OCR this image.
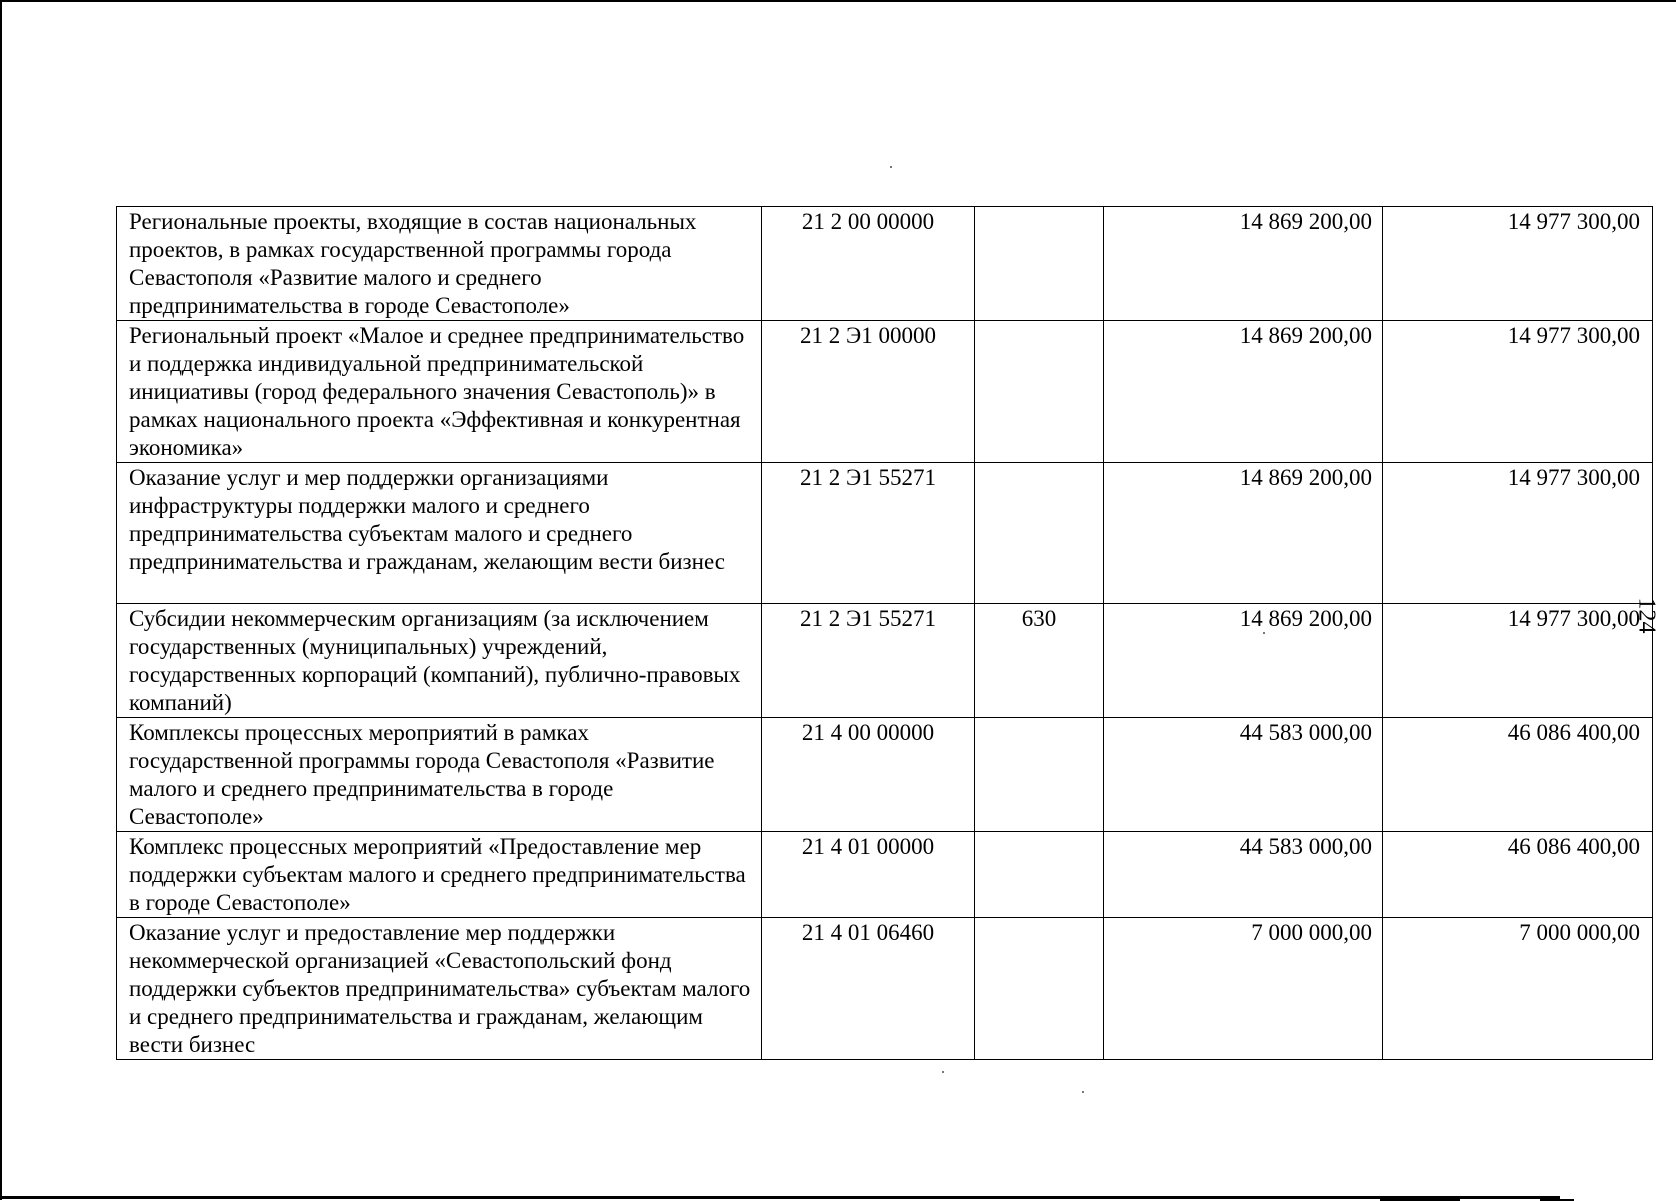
Региональные проекты, входящие в состав национальных проектов, в рамках государственной программы города Севастополя «Развитие малого и среднего предпринимательства в городе Севастополе»	21 2 00 00000		14 869 200,00	14 977 300,00
Региональный проект «Малое и среднее предпринимательство и поддержка индивидуальной предпринимательской инициативы (город федерального значения Севастополь)» в рамках национального проекта «Эффективная и конкурентная экономика»	21 2 Э1 00000		14 869 200,00	14 977 300,00
Оказание услуг и мер поддержки организациями инфраструктуры поддержки малого и среднего предпринимательства субъектам малого и среднего предпринимательства и гражданам, желающим вести бизнес	21 2 Э1 55271		14 869 200,00	14 977 300,00
Субсидии некоммерческим организациям (за исключением государственных (муниципальных) учреждений, государственных корпораций (компаний), публично-правовых компаний)	21 2 Э1 55271	630	14 869 200,00	14 977 300,00
Комплексы процессных мероприятий в рамках государственной программы города Севастополя «Развитие малого и среднего предпринимательства в городе Севастополе»	21 4 00 00000		44 583 000,00	46 086 400,00
Комплекс процессных мероприятий «Предоставление мер поддержки субъектам малого и среднего предпринимательства в городе Севастополе»	21 4 01 00000		44 583 000,00	46 086 400,00
Оказание услуг и предоставление мер поддержки некоммерческой организацией «Севастопольский фонд поддержки субъектов предпринимательства» субъектам малого и среднего предпринимательства и гражданам, желающим вести бизнес	21 4 01 06460		7 000 000,00	7 000 000,00
124
